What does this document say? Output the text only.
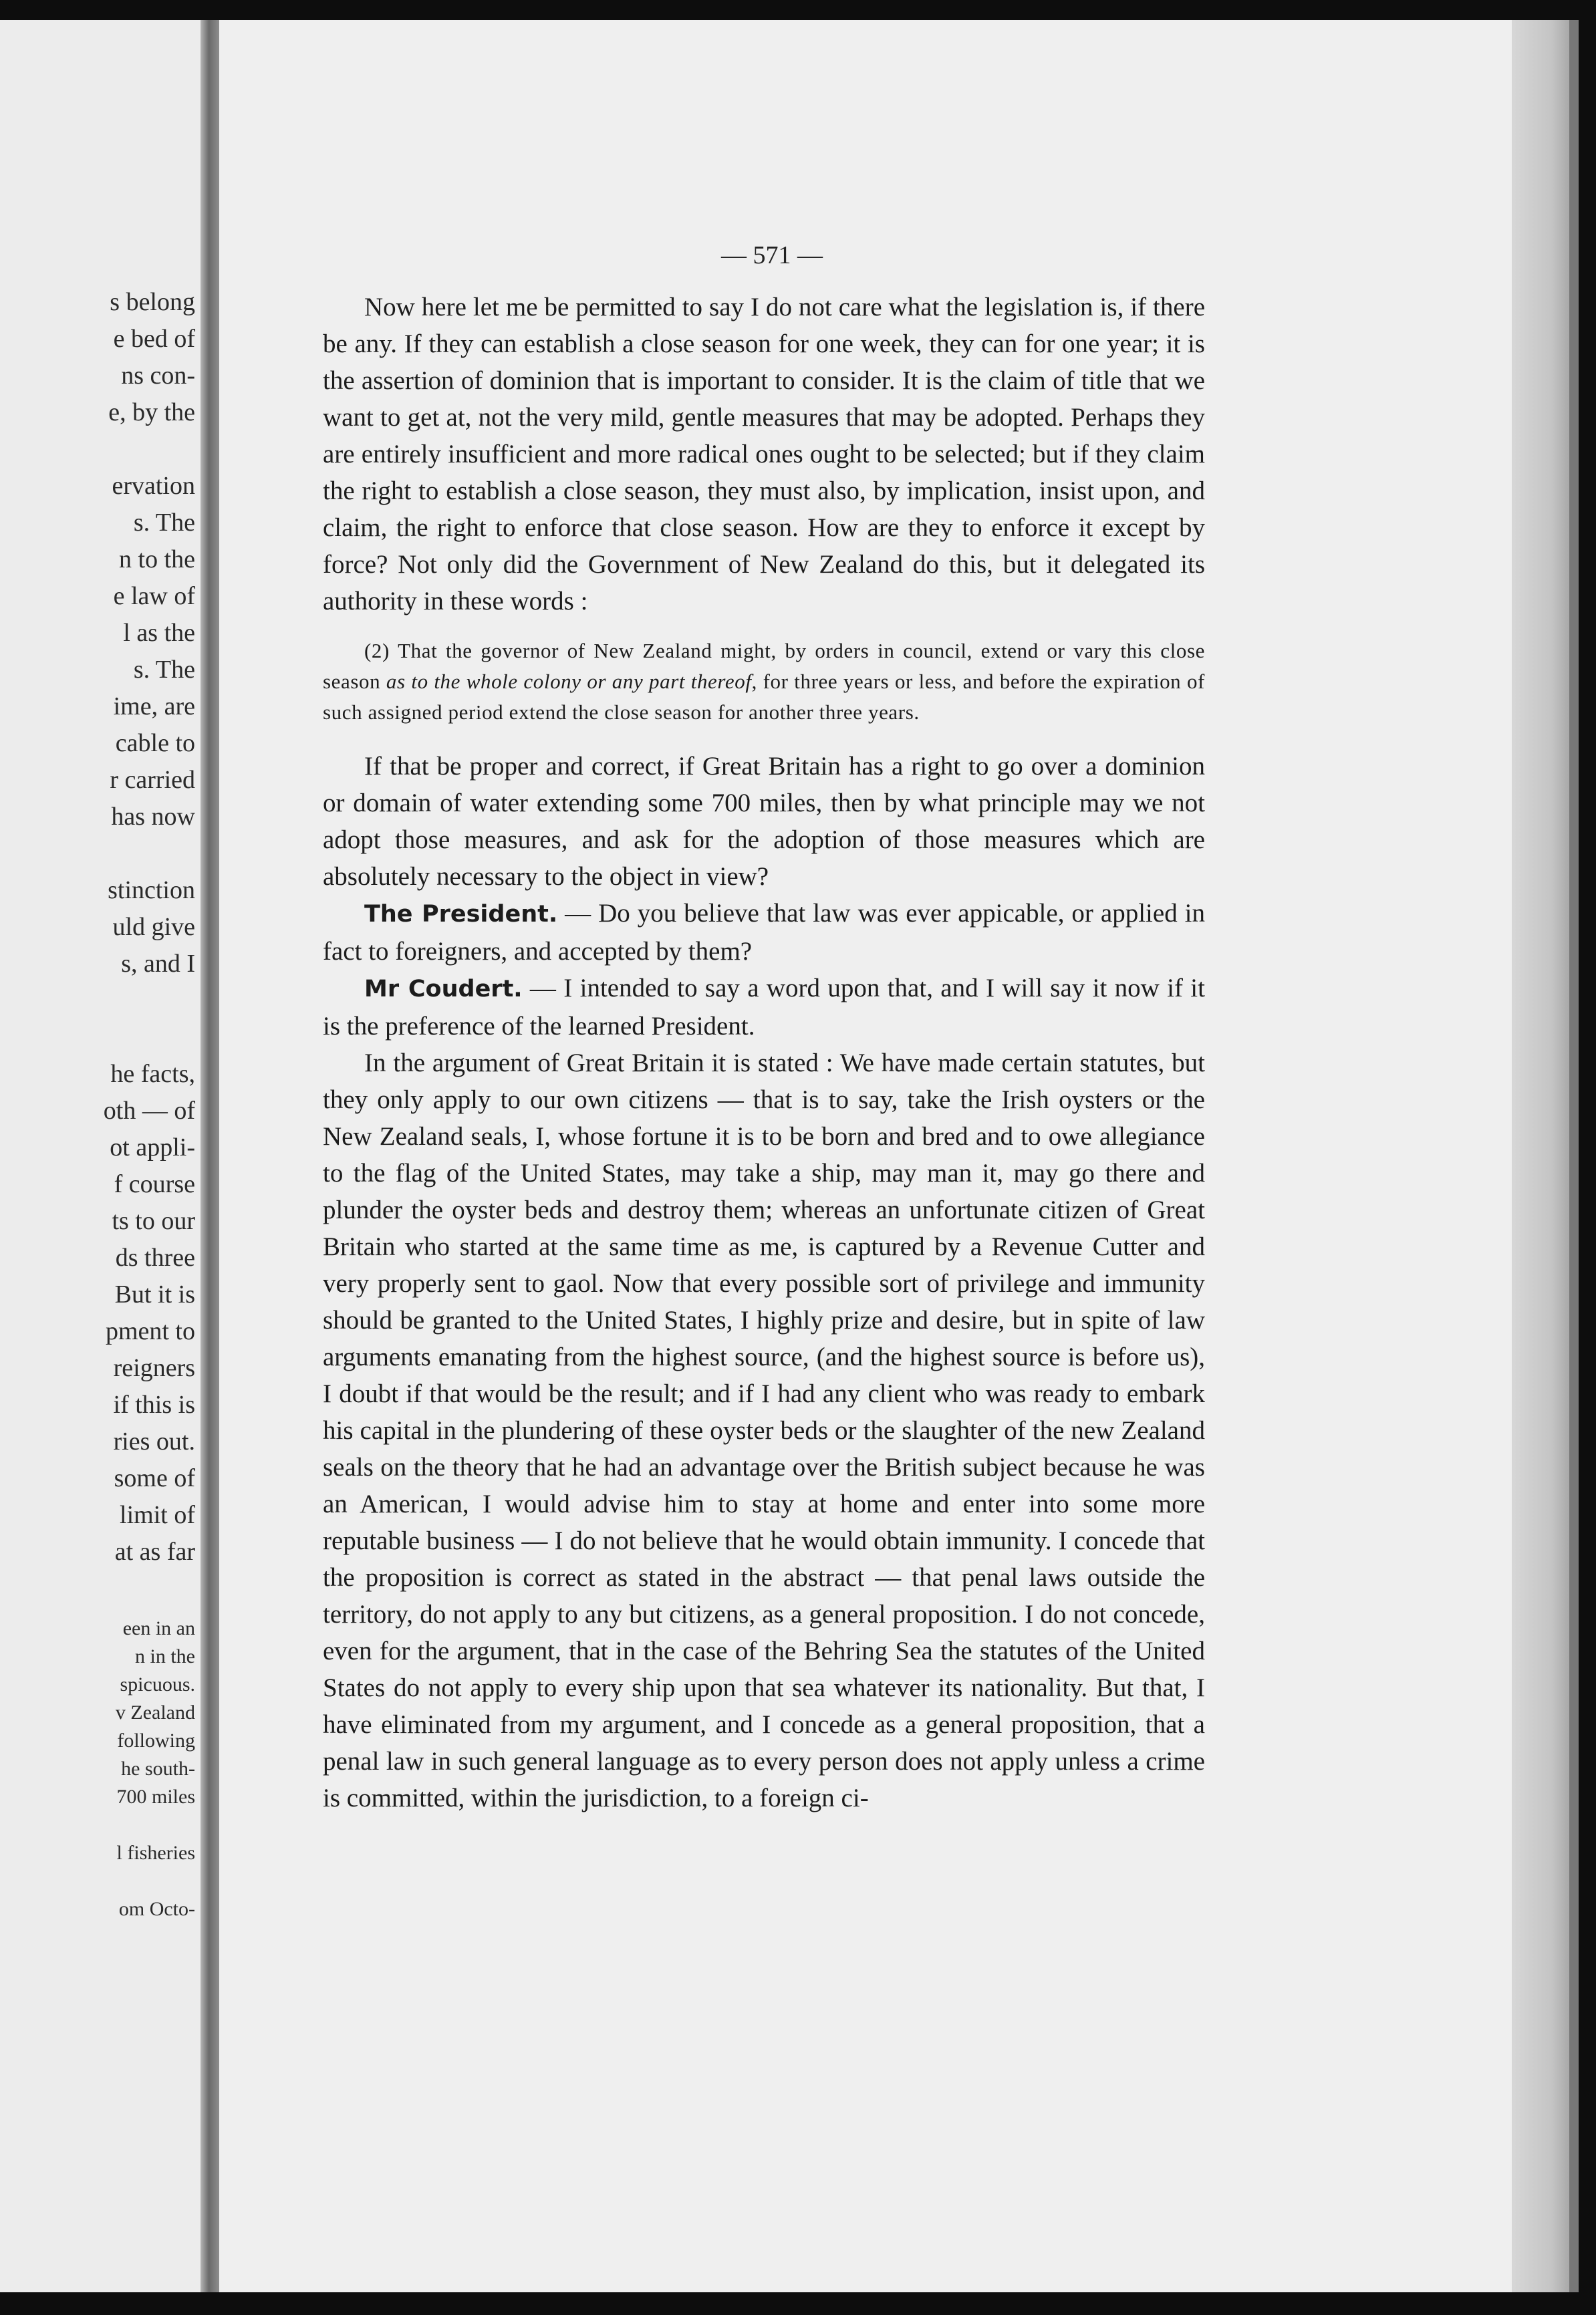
s belong
e bed of
ns con-
e, by the
ervation
s. The
n to the
e law of
l as the
s. The
ime, are
cable to
r carried
has now
stinction
uld give
s, and I
he facts,
oth — of
ot appli-
f course
ts to our
ds three
But it is
pment to
reigners
if this is
ries out.
some of
limit of
at as far
een in an
n in the
spicuous.
v Zealand
following
he south-
700 miles
l fisheries
om Octo-
— 571 —

Now here let me be permitted to say I do not care what the legislation is, if there be any. If they can establish a close season for one week, they can for one year; it is the assertion of dominion that is important to consider. It is the claim of title that we want to get at, not the very mild, gentle measures that may be adopted. Perhaps they are entirely insufficient and more radical ones ought to be selected; but if they claim the right to establish a close season, they must also, by implication, insist upon, and claim, the right to enforce that close season. How are they to enforce it except by force? Not only did the Government of New Zealand do this, but it delegated its authority in these words :

(2) That the governor of New Zealand might, by orders in council, extend or vary this close season as to the whole colony or any part thereof, for three years or less, and before the expiration of such assigned period extend the close season for another three years.

If that be proper and correct, if Great Britain has a right to go over a dominion or domain of water extending some 700 miles, then by what principle may we not adopt those measures, and ask for the adoption of those measures which are absolutely necessary to the object in view?

The President. — Do you believe that law was ever appicable, or applied in fact to foreigners, and accepted by them?

Mr Coudert. — I intended to say a word upon that, and I will say it now if it is the preference of the learned President.

In the argument of Great Britain it is stated : We have made certain statutes, but they only apply to our own citizens — that is to say, take the Irish oysters or the New Zealand seals, I, whose fortune it is to be born and bred and to owe allegiance to the flag of the United States, may take a ship, may man it, may go there and plunder the oyster beds and destroy them; whereas an unfortunate citizen of Great Britain who started at the same time as me, is captured by a Revenue Cutter and very properly sent to gaol. Now that every possible sort of privilege and immunity should be granted to the United States, I highly prize and desire, but in spite of law arguments emanating from the highest source, (and the highest source is before us), I doubt if that would be the result; and if I had any client who was ready to embark his capital in the plundering of these oyster beds or the slaughter of the new Zealand seals on the theory that he had an advantage over the British subject because he was an American, I would advise him to stay at home and enter into some more reputable business — I do not believe that he would obtain immunity. I concede that the proposition is correct as stated in the abstract — that penal laws outside the territory, do not apply to any but citizens, as a general proposition. I do not concede, even for the argument, that in the case of the Behring Sea the statutes of the United States do not apply to every ship upon that sea whatever its nationality. But that, I have eliminated from my argument, and I concede as a general proposition, that a penal law in such general language as to every person does not apply unless a crime is committed, within the jurisdiction, to a foreign ci-
